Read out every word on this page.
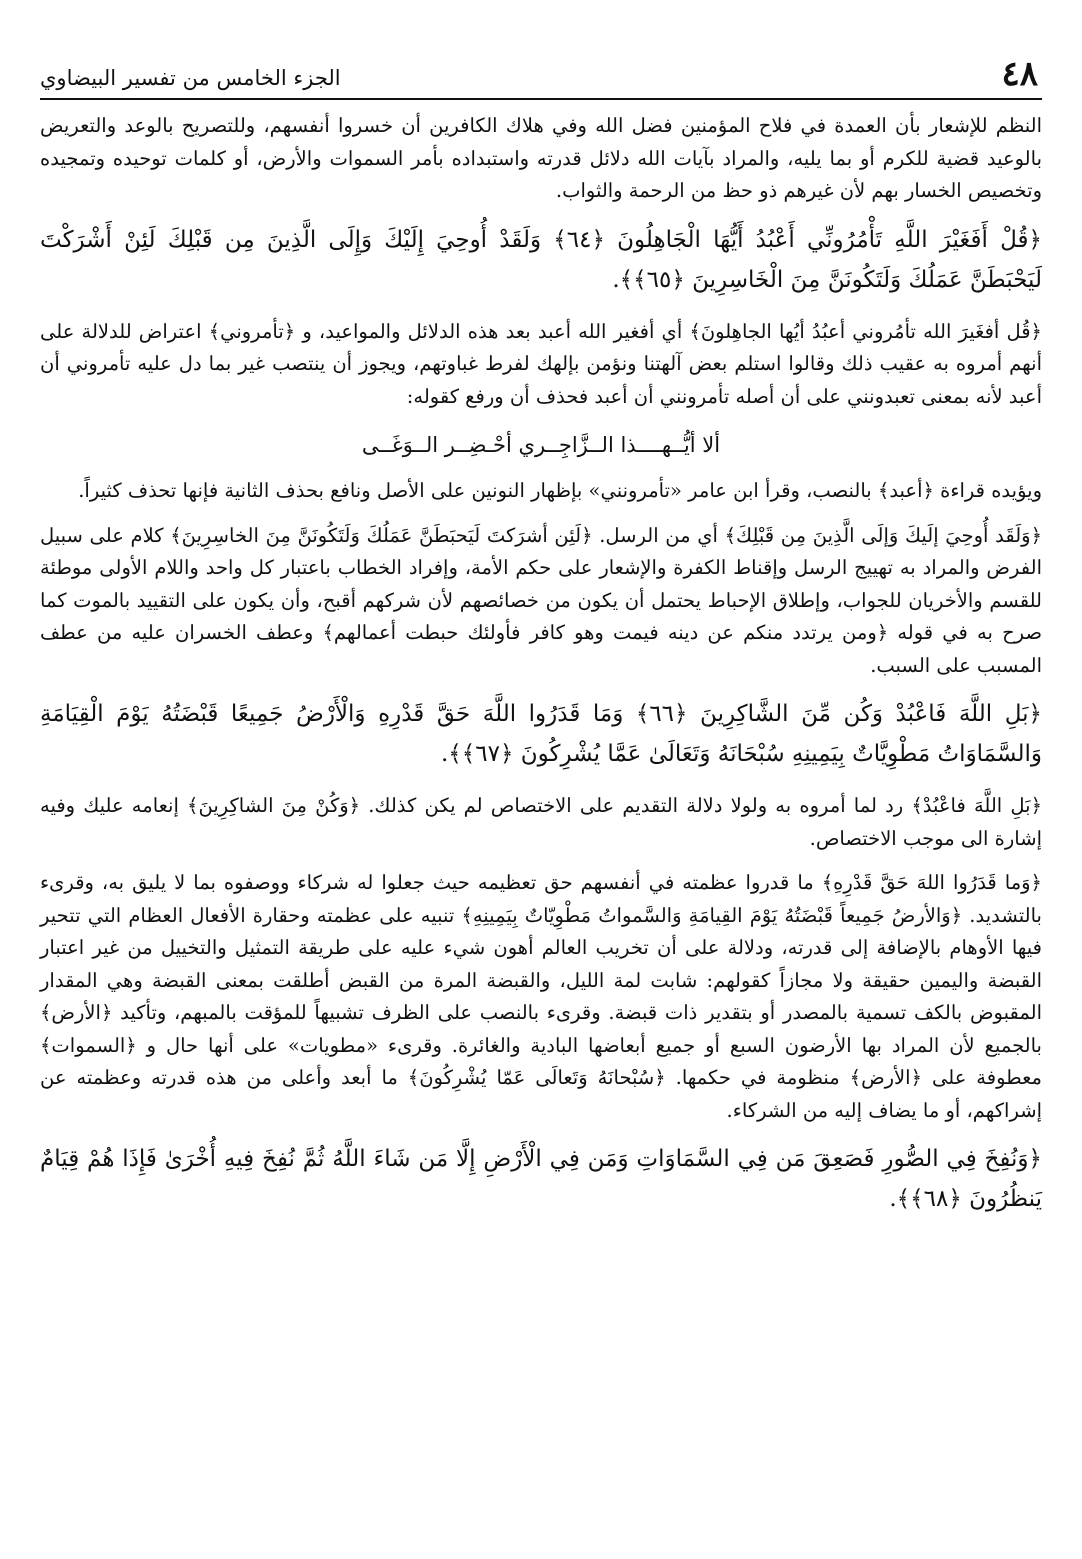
٤٨
الجزء الخامس من تفسير البيضاوي

النظم للإشعار بأن العمدة في فلاح المؤمنين فضل الله وفي هلاك الكافرين أن خسروا أنفسهم، وللتصريح بالوعد والتعريض بالوعيد قضية للكرم أو بما يليه، والمراد بآيات الله دلائل قدرته واستبداده بأمر السموات والأرض، أو كلمات توحيده وتمجيده وتخصيص الخسار بهم لأن غيرهم ذو حظ من الرحمة والثواب.

﴿قُلْ أَفَغَيْرَ اللَّهِ تَأْمُرُونِّي أَعْبُدُ أَيُّهَا الْجَاهِلُونَ ﴿٦٤﴾ وَلَقَدْ أُوحِيَ إِلَيْكَ وَإِلَى الَّذِينَ مِن قَبْلِكَ لَئِنْ أَشْرَكْتَ لَيَحْبَطَنَّ عَمَلُكَ وَلَتَكُونَنَّ مِنَ الْخَاسِرِينَ ﴿٦٥﴾﴾.

﴿قُل أفغَيرَ الله تأمُروني أعبُدُ أيُها الجاهِلونَ﴾ أي أفغير الله أعبد بعد هذه الدلائل والمواعيد، و ﴿تأمروني﴾ اعتراض للدلالة على أنهم أمروه به عقيب ذلك وقالوا استلم بعض آلهتنا ونؤمن بإلهك لفرط غباوتهم، ويجوز أن ينتصب غير بما دل عليه تأمروني أن أعبد لأنه بمعنى تعبدونني على أن أصله تأمرونني أن أعبد فحذف أن ورفع كقوله:

ألا أيُّــهــــذا الــزَّاجِــري أحْـضِــر الــوَغَــى

ويؤيده قراءة ﴿أعبد﴾ بالنصب، وقرأ ابن عامر «تأمرونني» بإظهار النونين على الأصل ونافع بحذف الثانية فإنها تحذف كثيراً.

﴿وَلَقَد أُوحِيَ إلَيكَ وَإلَى الَّذِينَ مِن قَبْلِكَ﴾ أي من الرسل. ﴿لَئِن أشرَكتَ لَيَحبَطَنَّ عَمَلُكَ وَلَتَكُونَنَّ مِنَ الخاسِرِينَ﴾ كلام على سبيل الفرض والمراد به تهييج الرسل وإقناط الكفرة والإشعار على حكم الأمة، وإفراد الخطاب باعتبار كل واحد واللام الأولى موطئة للقسم والأخريان للجواب، وإطلاق الإحباط يحتمل أن يكون من خصائصهم لأن شركهم أقبح، وأن يكون على التقييد بالموت كما صرح به في قوله ﴿ومن يرتدد منكم عن دينه فيمت وهو كافر فأولئك حبطت أعمالهم﴾ وعطف الخسران عليه من عطف المسبب على السبب.

﴿بَلِ اللَّهَ فَاعْبُدْ وَكُن مِّنَ الشَّاكِرِينَ ﴿٦٦﴾ وَمَا قَدَرُوا اللَّهَ حَقَّ قَدْرِهِ وَالْأَرْضُ جَمِيعًا قَبْضَتُهُ يَوْمَ الْقِيَامَةِ وَالسَّمَاوَاتُ مَطْوِيَّاتٌ بِيَمِينِهِ سُبْحَانَهُ وَتَعَالَىٰ عَمَّا يُشْرِكُونَ ﴿٦٧﴾﴾.

﴿بَلِ اللَّهَ فاعْبُدْ﴾ رد لما أمروه به ولولا دلالة التقديم على الاختصاص لم يكن كذلك. ﴿وَكُنْ مِنَ الشاكِرِينَ﴾ إنعامه عليك وفيه إشارة الى موجب الاختصاص.

﴿وَما قَدَرُوا اللهَ حَقَّ قَدْرِهِ﴾ ما قدروا عظمته في أنفسهم حق تعظيمه حيث جعلوا له شركاء ووصفوه بما لا يليق به، وقرىء بالتشديد. ﴿وَالأرضُ جَمِيعاً قَبْضَتُهُ يَوْمَ القِيامَةِ وَالسَّمواتُ مَطْوِيّاتٌ بِيَمِينِهِ﴾ تنبيه على عظمته وحقارة الأفعال العظام التي تتحير فيها الأوهام بالإضافة إلى قدرته، ودلالة على أن تخريب العالم أهون شيء عليه على طريقة التمثيل والتخييل من غير اعتبار القبضة واليمين حقيقة ولا مجازاً كقولهم: شابت لمة الليل، والقبضة المرة من القبض أطلقت بمعنى القبضة وهي المقدار المقبوض بالكف تسمية بالمصدر أو بتقدير ذات قبضة. وقرىء بالنصب على الظرف تشبيهاً للمؤقت بالمبهم، وتأكيد ﴿الأرض﴾ بالجميع لأن المراد بها الأرضون السبع أو جميع أبعاضها البادية والغائرة. وقرىء «مطويات» على أنها حال و ﴿السموات﴾ معطوفة على ﴿الأرض﴾ منظومة في حكمها. ﴿سُبْحانَهُ وَتَعالَى عَمّا يُشْرِكُونَ﴾ ما أبعد وأعلى من هذه قدرته وعظمته عن إشراكهم، أو ما يضاف إليه من الشركاء.

﴿وَنُفِخَ فِي الصُّورِ فَصَعِقَ مَن فِي السَّمَاوَاتِ وَمَن فِي الْأَرْضِ إِلَّا مَن شَاءَ اللَّهُ ثُمَّ نُفِخَ فِيهِ أُخْرَىٰ فَإِذَا هُمْ قِيَامٌ يَنظُرُونَ ﴿٦٨﴾﴾.
